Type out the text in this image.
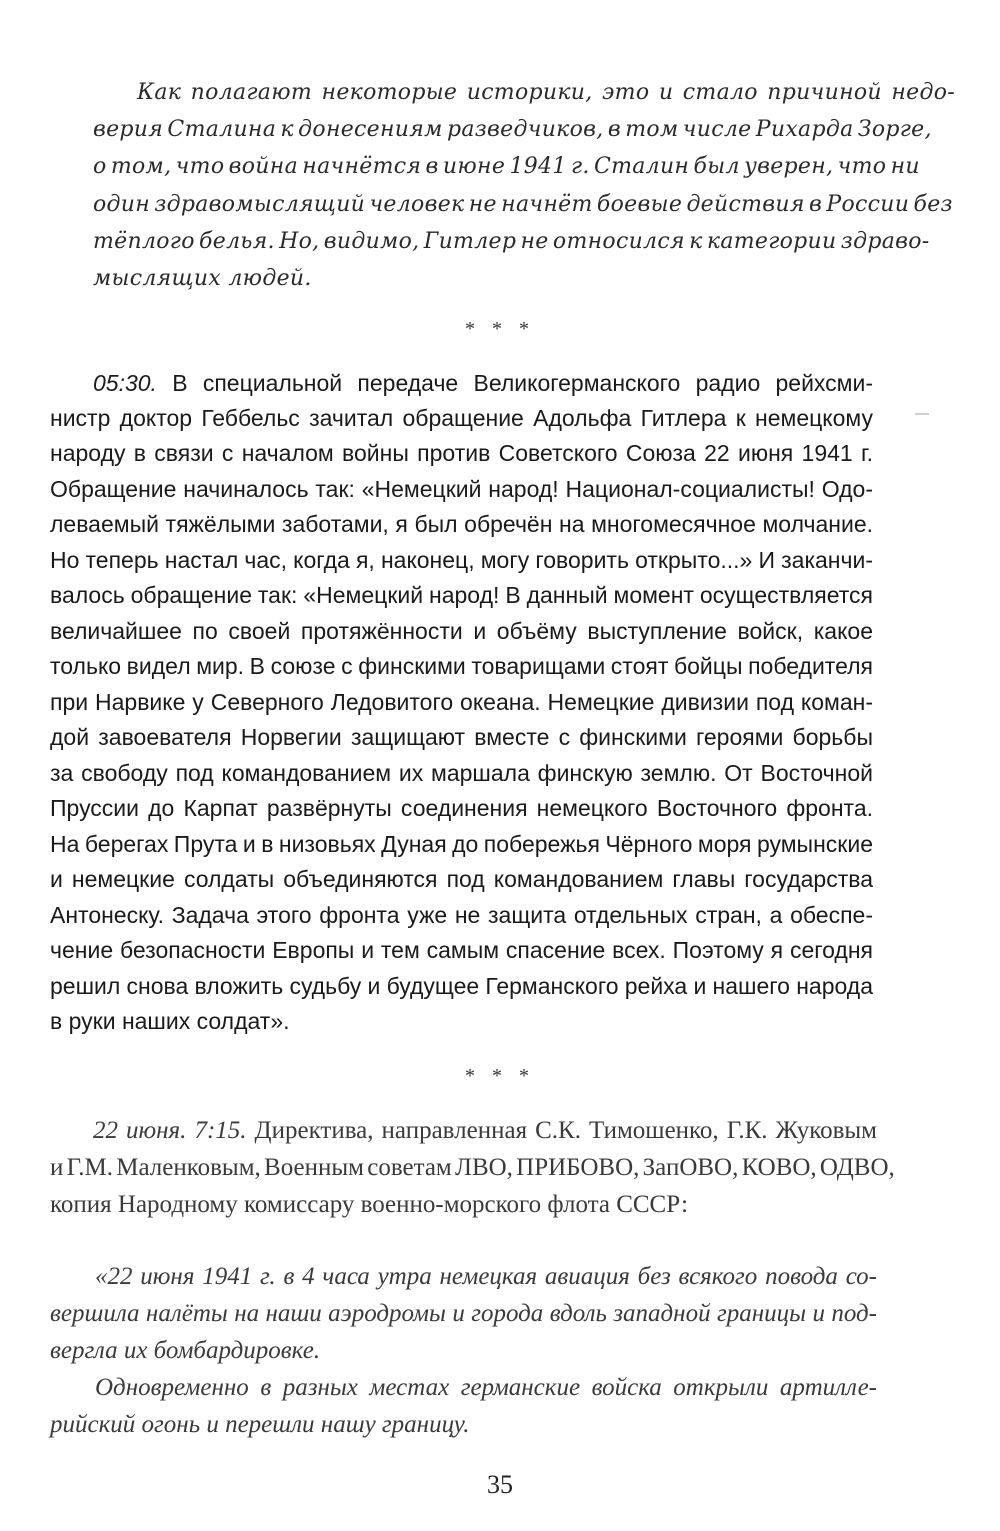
Как полагают некоторые историки, это и стало причиной недо-

верия Сталина к донесениям разведчиков, в том числе Рихарда Зорге,

о том, что война начнётся в июне 1941 г. Сталин был уверен, что ни

один здравомыслящий человек не начнёт боевые действия в России без

тёплого белья. Но, видимо, Гитлер не относился к категории здраво-

мыслящих людей.

* * *

05:30. В специальной передаче Великогерманского радио рейхсми-

нистр доктор Геббельс зачитал обращение Адольфа Гитлера к немецкому

народу в связи с началом войны против Советского Союза 22 июня 1941 г.

Обращение начиналось так: «Немецкий народ! Национал-социалисты! Одо-

леваемый тяжёлыми заботами, я был обречён на многомесячное молчание.

Но теперь настал час, когда я, наконец, могу говорить открыто...» И заканчи-

валось обращение так: «Немецкий народ! В данный момент осуществляется

величайшее по своей протяжённости и объёму выступление войск, какое

только видел мир. В союзе с финскими товарищами стоят бойцы победителя

при Нарвике у Северного Ледовитого океана. Немецкие дивизии под коман-

дой завоевателя Норвегии защищают вместе с финскими героями борьбы

за свободу под командованием их маршала финскую землю. От Восточной

Пруссии до Карпат развёрнуты соединения немецкого Восточного фронта.

На берегах Прута и в низовьях Дуная до побережья Чёрного моря румынские

и немецкие солдаты объединяются под командованием главы государства

Антонеску. Задача этого фронта уже не защита отдельных стран, а обеспе-

чение безопасности Европы и тем самым спасение всех. Поэтому я сегодня

решил снова вложить судьбу и будущее Германского рейха и нашего народа

в руки наших солдат».

* * *

22 июня. 7:15. Директива, направленная С.К. Тимошенко, Г.К. Жуковым

и Г.М. Маленковым, Военным советам ЛВО, ПРИБОВО, ЗапОВО, КОВО, ОДВО,

копия Народному комиссару военно-морского флота СССР:

«22 июня 1941 г. в 4 часа утра немецкая авиация без всякого повода со-

вершила налёты на наши аэродромы и города вдоль западной границы и под-

вергла их бомбардировке.

Одновременно в разных местах германские войска открыли артилле-

рийский огонь и перешли нашу границу.

35
